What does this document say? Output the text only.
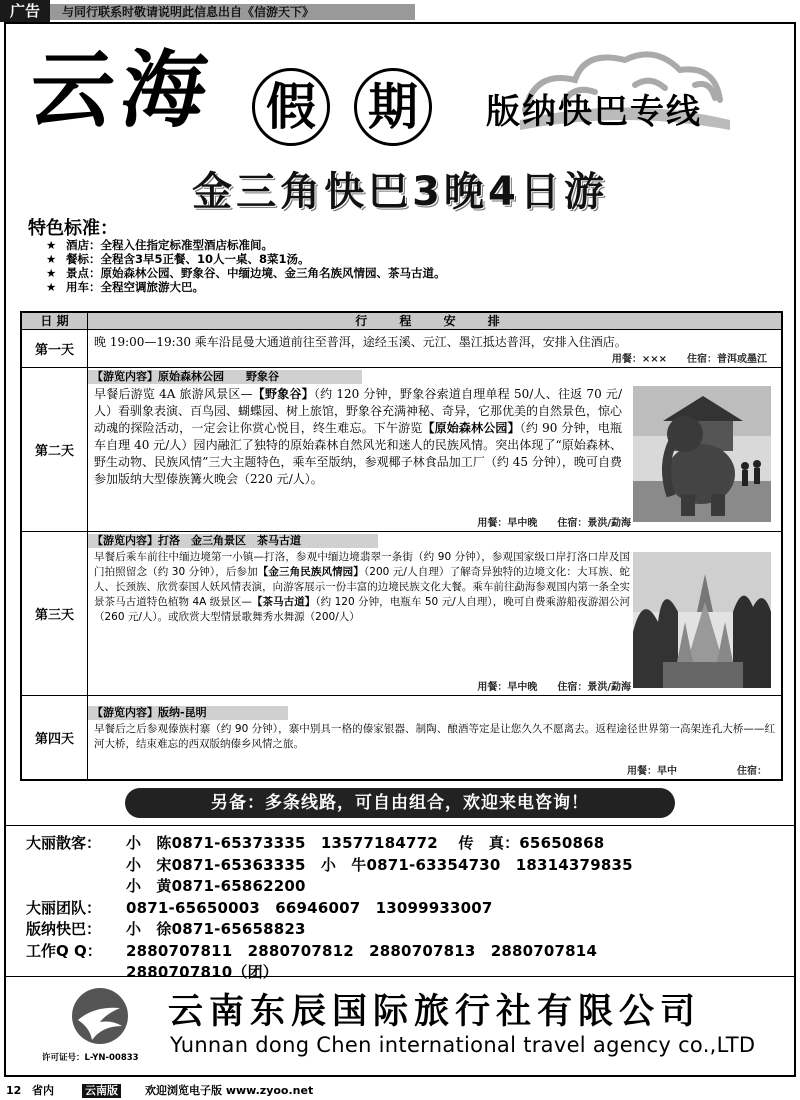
广告	与同行联系时敬请说明此信息出自《信游天下》
云海 假 期	版纳快巴专线
金三角快巴3晚4日游
特色标准：
★ 酒店：全程入住指定标准型酒店标准间。
★ 餐标：全程含3早5正餐、10人一桌、8菜1汤。
★ 景点：原始森林公园、野象谷、中缅边境、金三角名族风情园、茶马古道。
★ 用车：全程空调旅游大巴。
日 期	行 程 安 排
第一天
晚 19:00—19:30 乘车沿昆曼大通道前往至普洱，途经玉溪、元江、墨江抵达普洱，安排入住酒店。
用餐：××× 住宿：普洱或墨江
第二天
【游览内容】原始森林公园　　野象谷
早餐后游览 4A 旅游风景区—【野象谷】（约 120 分钟，野象谷索道自理单程 50/人、往返 70 元/人）看驯象表演、百鸟园、蝴蝶园、树上旅馆，野象谷充满神秘、奇异，它那优美的自然景色，惊心动魂的探险活动，一定会让你赏心悦目，终生难忘。下午游览【原始森林公园】（约 90 分钟，电瓶车自理 40 元/人）园内融汇了独特的原始森林自然风光和迷人的民族风情。突出体现了“原始森林、野生动物、民族风情”三大主题特色，乘车至版纳，参观椰子林食品加工厂（约 45 分钟），晚可自费参加版纳大型傣族篝火晚会（220 元/人）。
用餐：早中晚 住宿：景洪/勐海
第三天
【游览内容】打洛　金三角景区　茶马古道
早餐后乘车前往中缅边境第一小镇—打洛，参观中缅边境翡翠一条街（约 90 分钟），参观国家级口岸打洛口岸及国门拍照留念（约 30 分钟），后参加【金三角民族风情园】（200 元/人自理）了解奇异独特的边境文化：大耳族、蛇人、长颈族、欣赏泰国人妖风情表演，向游客展示一份丰富的边境民族文化大餐。乘车前往勐海参观国内第一条全实景茶马古道特色植物 4A 级景区—【茶马古道】（约 120 分钟，电瓶车 50 元/人自理），晚可自费乘游船夜游湄公河（260 元/人）。或欣赏大型情景歌舞秀水舞源（200/人）
用餐：早中晚 住宿：景洪/勐海
第四天
【游览内容】版纳-昆明
早餐后之后参观傣族村寨（约 90 分钟），寨中别具一格的傣家银器、制陶、酿酒等定是让您久久不愿离去。返程途径世界第一高架连孔大桥——红河大桥，结束难忘的西双版纳傣乡风情之旅。
用餐：早中	住宿：
另备：多条线路，可自由组合，欢迎来电咨询！
大丽散客：	小　陈0871-65373335　13577184772　 传　真：65650868
小　宋0871-65363335　小　牛0871-63354730　18314379835
小　黄0871-65862200
大丽团队：	0871-65650003　66946007　13099933007
版纳快巴：	小　徐0871-65658823
工作Q Q：	2880707811　2880707812　2880707813　2880707814
2880707810（团）
许可证号：L-YN-00833
云南东辰国际旅行社有限公司
Yunnan dong Chen international travel agency co.,LTD
12 省内	云南版 欢迎浏览电子版 www.zyoo.net
